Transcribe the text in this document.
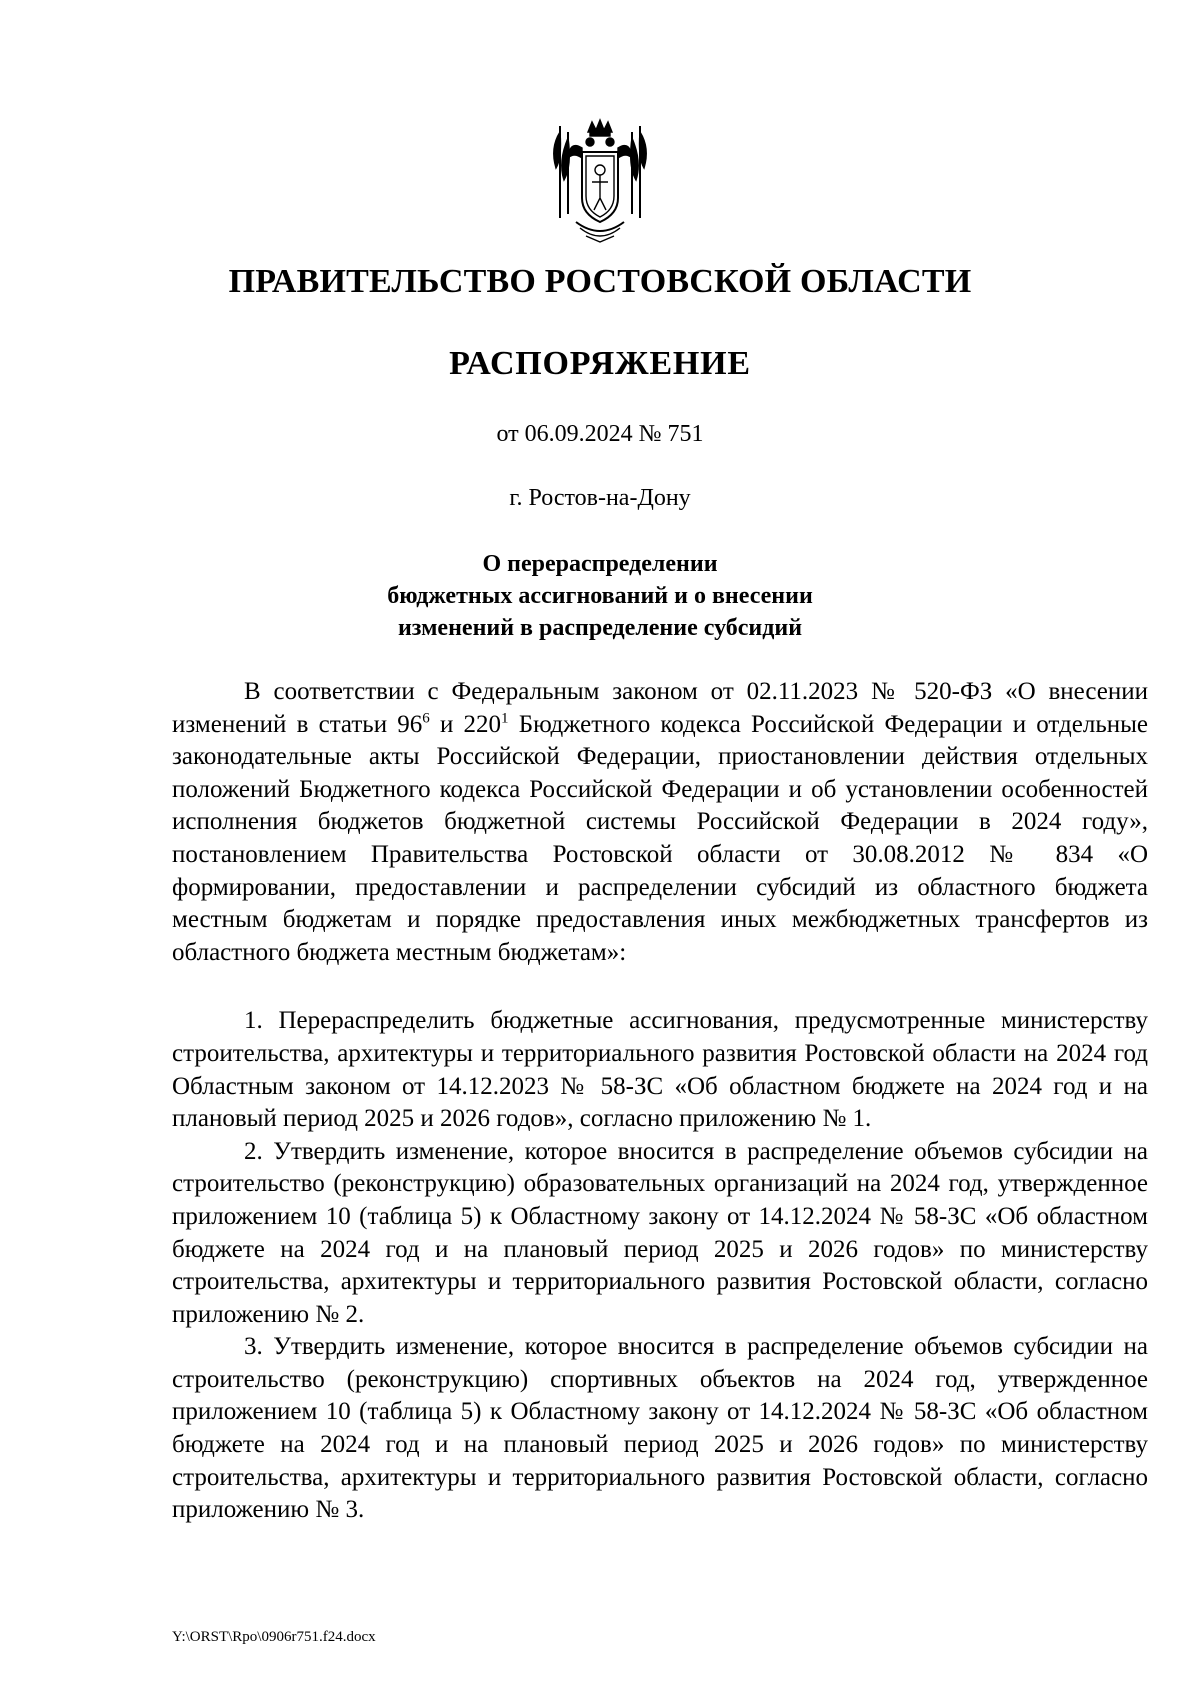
ПРАВИТЕЛЬСТВО РОСТОВСКОЙ ОБЛАСТИ
РАСПОРЯЖЕНИЕ
от 06.09.2024 № 751
г. Ростов-на-Дону
О перераспределении
бюджетных ассигнований и о внесении
изменений в распределение субсидий

В соответствии с Федеральным законом от 02.11.2023 № 520-ФЗ «О внесении изменений в статьи $96^6$ и $220^1$ Бюджетного кодекса Российской Федерации и отдельные законодательные акты Российской Федерации, приостановлении действия отдельных положений Бюджетного кодекса Российской Федерации и об установлении особенностей исполнения бюджетов бюджетной системы Российской Федерации в 2024 году», постановлением Правительства Ростовской области от 30.08.2012 № 834 «О формировании, предоставлении и распределении субсидий из областного бюджета местным бюджетам и порядке предоставления иных межбюджетных трансфертов из областного бюджета местным бюджетам»:

1. Перераспределить бюджетные ассигнования, предусмотренные министерству строительства, архитектуры и территориального развития Ростовской области на 2024 год Областным законом от 14.12.2023 № 58-ЗС «Об областном бюджете на 2024 год и на плановый период 2025 и 2026 годов», согласно приложению № 1.

2. Утвердить изменение, которое вносится в распределение объемов субсидии на строительство (реконструкцию) образовательных организаций на 2024 год, утвержденное приложением 10 (таблица 5) к Областному закону от 14.12.2024 № 58-ЗС «Об областном бюджете на 2024 год и на плановый период 2025 и 2026 годов» по министерству строительства, архитектуры и территориального развития Ростовской области, согласно приложению № 2.

3. Утвердить изменение, которое вносится в распределение объемов субсидии на строительство (реконструкцию) спортивных объектов на 2024 год, утвержденное приложением 10 (таблица 5) к Областному закону от 14.12.2024 № 58-ЗС «Об областном бюджете на 2024 год и на плановый период 2025 и 2026 годов» по министерству строительства, архитектуры и территориального развития Ростовской области, согласно приложению № 3.

Y:\ORST\Rpo\0906r751.f24.docx
